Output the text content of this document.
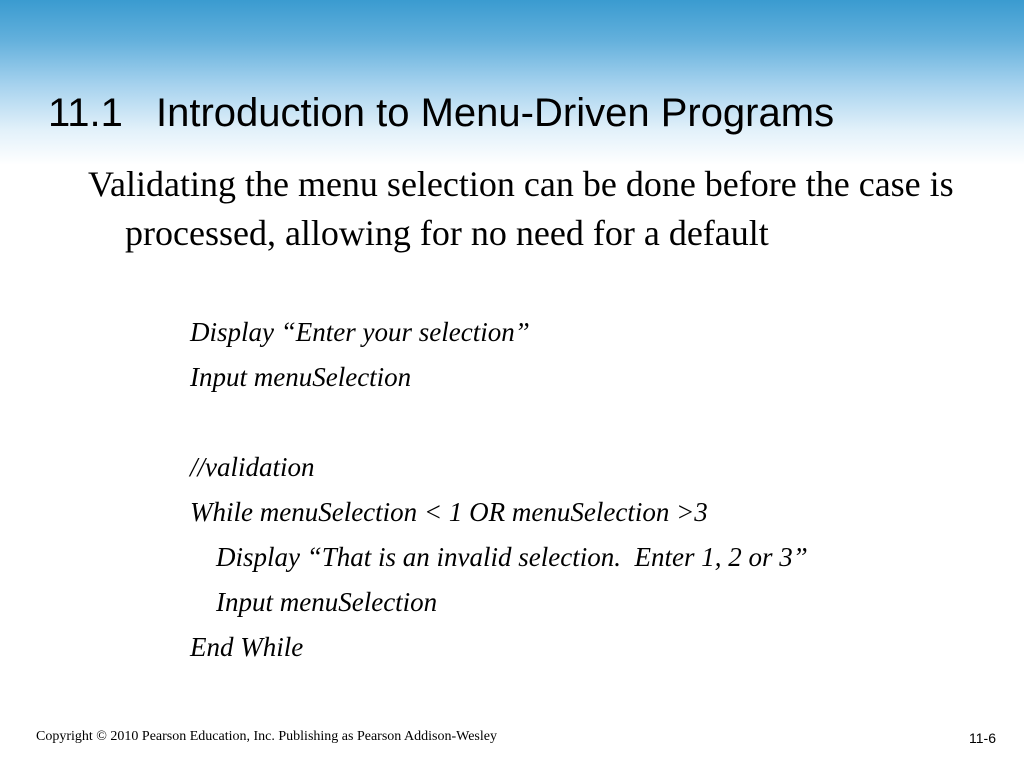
11.1 Introduction to Menu-Driven Programs

Validating the menu selection can be done before the case is processed, allowing for no need for a default

Display “Enter your selection”
Input menuSelection
//validation
While menuSelection < 1 OR menuSelection >3
Display “That is an invalid selection.  Enter 1, 2 or 3”
Input menuSelection
End While
Copyright © 2010 Pearson Education, Inc. Publishing as Pearson Addison-Wesley	11-6
